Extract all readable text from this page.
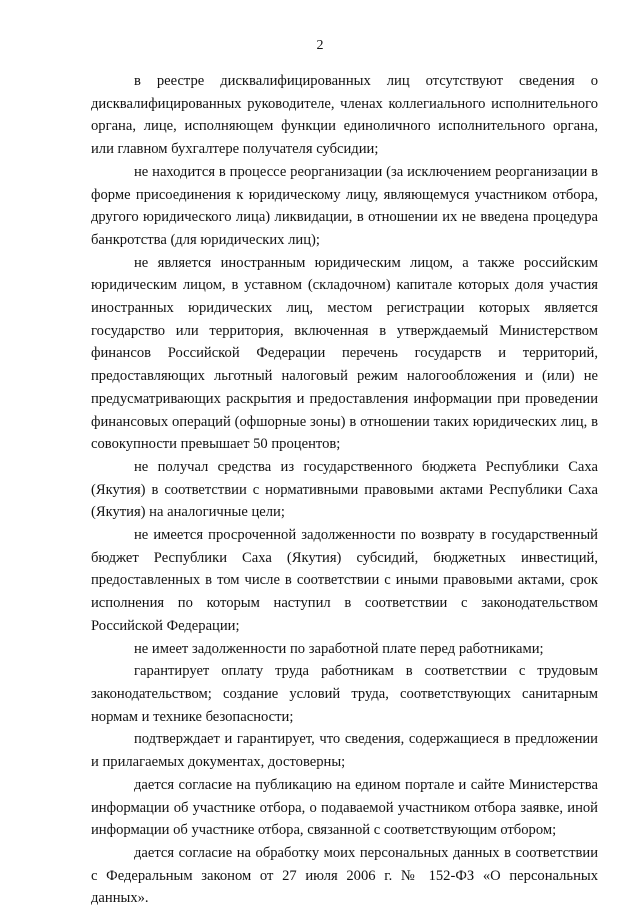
2

в реестре дисквалифицированных лиц отсутствуют сведения о дисквалифицированных руководителе, членах коллегиального исполнительного органа, лице, исполняющем функции единоличного исполнительного органа, или главном бухгалтере получателя субсидии;

не находится в процессе реорганизации (за исключением реорганизации в форме присоединения к юридическому лицу, являющемуся участником отбора, другого юридического лица) ликвидации, в отношении их не введена процедура банкротства (для юридических лиц);

не является иностранным юридическим лицом, а также российским юридическим лицом, в уставном (складочном) капитале которых доля участия иностранных юридических лиц, местом регистрации которых является государство или территория, включенная в утверждаемый Министерством финансов Российской Федерации перечень государств и территорий, предоставляющих льготный налоговый режим налогообложения и (или) не предусматривающих раскрытия и предоставления информации при проведении финансовых операций (офшорные зоны) в отношении таких юридических лиц, в совокупности превышает 50 процентов;

не получал средства из государственного бюджета Республики Саха (Якутия) в соответствии с нормативными правовыми актами Республики Саха (Якутия) на аналогичные цели;

не имеется просроченной задолженности по возврату в государственный бюджет Республики Саха (Якутия) субсидий, бюджетных инвестиций, предоставленных в том числе в соответствии с иными правовыми актами, срок исполнения по которым наступил в соответствии с законодательством Российской Федерации;

не имеет задолженности по заработной плате перед работниками;

гарантирует оплату труда работникам в соответствии с трудовым законодательством; создание условий труда, соответствующих санитарным нормам и технике безопасности;

подтверждает и гарантирует, что сведения, содержащиеся в предложении и прилагаемых документах, достоверны;

дается согласие на публикацию на едином портале и сайте Министерства информации об участнике отбора, о подаваемой участником отбора заявке, иной информации об участнике отбора, связанной с соответствующим отбором;

дается согласие на обработку моих персональных данных в соответствии с Федеральным законом от 27 июля 2006 г. № 152-ФЗ «О персональных данных».
